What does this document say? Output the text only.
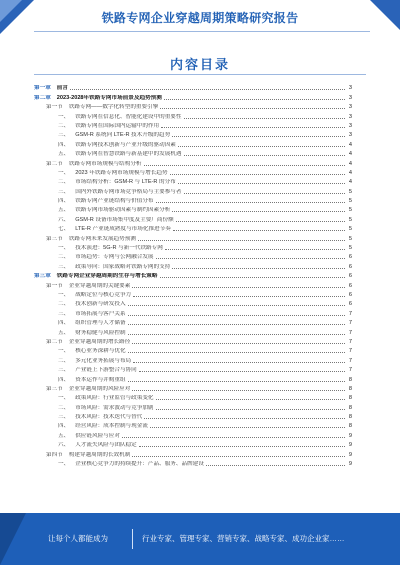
铁路专网企业穿越周期策略研究报告
内容目录
第一章 前言	3
第二章 2023-2028年铁路专网市场前景及趋势预测	3
第一节 铁路专网——数字化转型的重要引擎	3
一、 铁路专网在信息化、智能化建设中的重要性	3
二、 铁路专网在国际国内运输中的作用	3
三、 GSM-R 系统向 LTE-R 技术升级的趋势	3
四、 铁路专网技术创新与产业升级的驱动因素	4
五、 铁路专网在智慧铁路与新基建中的发展机遇	4
第二节 铁路专网市场规模与结构分析	4
一、 2023 年铁路专网市场规模与增长趋势	4
二、 市场结构分析：GSM-R 与 LTE-R 的分布	4
三、 国内外铁路专网市场竞争格局与主要参与者	5
四、 铁路专网产业链结构与价值分布	5
五、 铁路专网市场驱动因素与制约因素分析	5
六、 GSM-R 设备市场集中度及主要厂商份额	5
七、 LTE-R 产业链成熟度与市场化推进节奏	5
第三节 铁路专网未来发展趋势预测	5
一、 技术演进：5G-R 与新一代铁路专网	5
二、 市场趋势：专网与公网融合发展	6
三、 政策导向：国家战略对铁路专网的支持	6
第三章 铁路专网企业穿越周期的生存与增长策略	6
第一节 企业穿越周期的关键要素	6
一、 战略定位与核心竞争力	6
二、 技术创新与研发投入	6
三、 市场拓展与客户关系	7
四、 组织管理与人才储备	7
五、 财务稳健与风险控制	7
第二节 企业穿越周期的增长路径	7
一、 核心业务深耕与优化	7
二、 多元化业务拓展与布局	7
三、 产业链上下游整合与协同	7
四、 资本运作与并购重组	8
第三节 企业穿越周期的风险应对	8
一、 政策风险：行业监管与政策变化	8
二、 市场风险：需求波动与竞争加剧	8
三、 技术风险：技术迭代与替代	8
四、 经营风险：成本控制与现金流	8
五、 供应链风险与应对	9
六、 人才流失风险与团队稳定	9
第四节 构建穿越周期的长效机制	9
一、 企业核心竞争力的持续提升：产品、服务、品牌建设	9
让每个人都能成为	行业专家、管理专家、营销专家、战略专家、成功企业家……
